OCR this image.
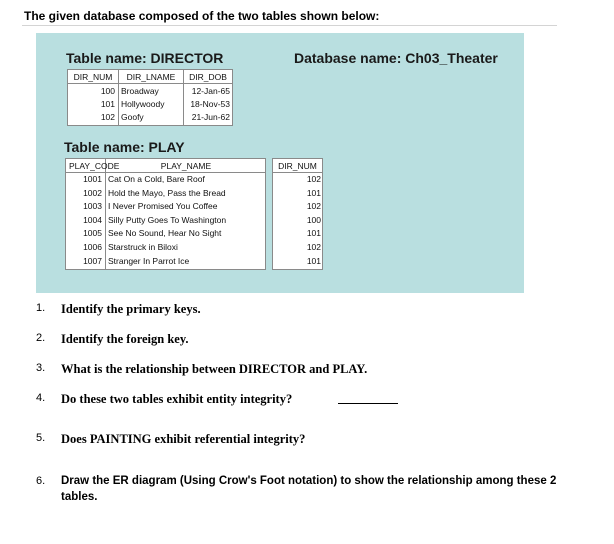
The given database composed of the two tables shown below:
Table name: DIRECTOR	Database name: Ch03_Theater
DIR_NUM	DIR_LNAME	DIR_DOB
100 Broadway	12-Jan-65
101 Hollywoody	18-Nov-53
102 Goofy	21-Jun-62
Table name: PLAY
PLAY_CODE	PLAY_NAME	DIR_NUM
1001 Cat On a Cold, Bare Roof	102
1002 Hold the Mayo, Pass the Bread	101
1003 I Never Promised You Coffee	102
1004 Silly Putty Goes To Washington	100
1005 See No Sound, Hear No Sight	101
1006 Starstruck in Biloxi	102
1007 Stranger In Parrot Ice	101
1. Identify the primary keys.
2. Identify the foreign key.
3. What is the relationship between DIRECTOR and PLAY.
4. Do these two tables exhibit entity integrity?
5. Does PAINTING exhibit referential integrity?
6. Draw the ER diagram (Using Crow's Foot notation) to show the relationship among these 2
tables.
